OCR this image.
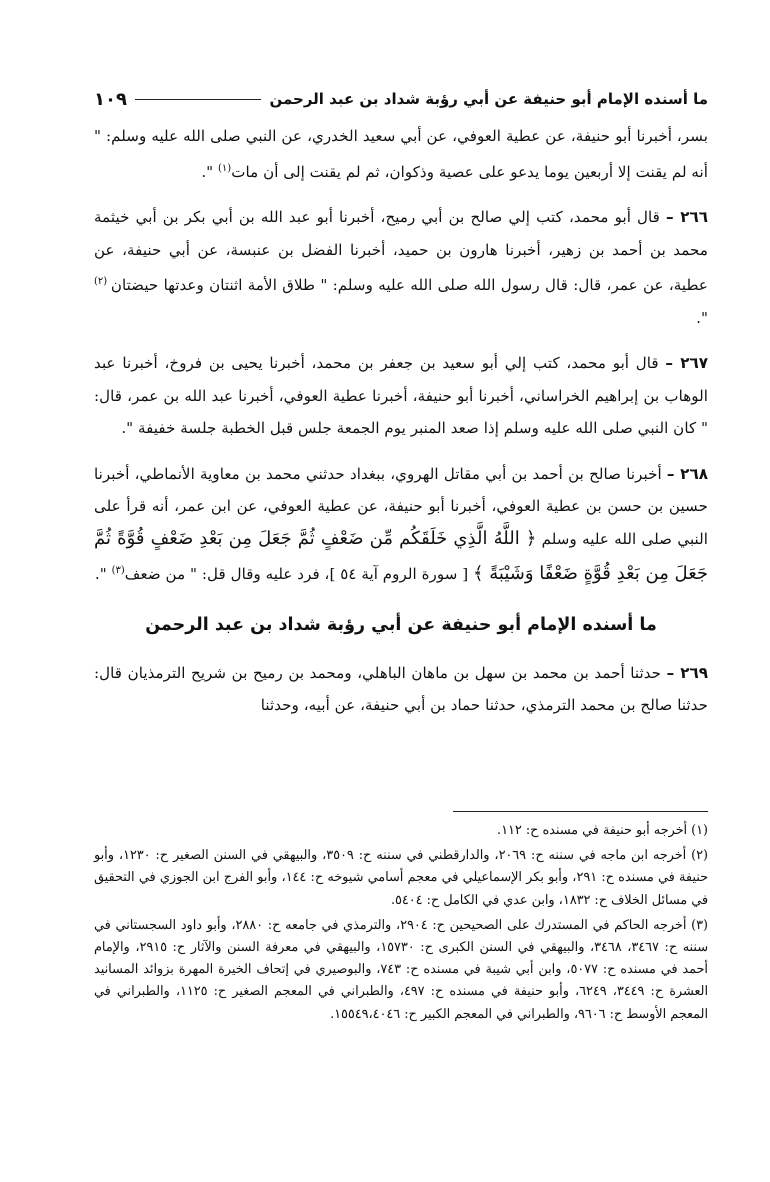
ما أسنده الإمام أبو حنيفة عن أبي رؤبة شداد بن عبد الرحمن
١٠٩

بسر، أخبرنا أبو حنيفة، عن عطية العوفي، عن أبي سعيد الخدري، عن النبي صلى الله عليه وسلم: " أنه لم يقنت إلا أربعين يوما يدعو على عصية وذكوان، ثم لم يقنت إلى أن مات$^{(١)}$ ".

٢٦٦ – قال أبو محمد، كتب إلي صالح بن أبي رميح، أخبرنا أبو عبد الله بن أبي بكر بن أبي خيثمة محمد بن أحمد بن زهير، أخبرنا هارون بن حميد، أخبرنا الفضل بن عنبسة، عن أبي حنيفة، عن عطية، عن عمر، قال: قال رسول الله صلى الله عليه وسلم: " طلاق الأمة اثنتان وعدتها حيضتان $^{(٢)}$ ".

٢٦٧ – قال أبو محمد، كتب إلي أبو سعيد بن جعفر بن محمد، أخبرنا يحيى بن فروخ، أخبرنا عبد الوهاب بن إبراهيم الخراساني، أخبرنا أبو حنيفة، أخبرنا عطية العوفي، أخبرنا عبد الله بن عمر، قال: " كان النبي صلى الله عليه وسلم إذا صعد المنبر يوم الجمعة جلس قبل الخطبة جلسة خفيفة ".

٢٦٨ – أخبرنا صالح بن أحمد بن أبي مقاتل الهروي، ببغداد حدثني محمد بن معاوية الأنماطي، أخبرنا حسين بن حسن بن عطية العوفي، أخبرنا أبو حنيفة، عن عطية العوفي، عن ابن عمر، أنه قرأ على النبي صلى الله عليه وسلم ﴿ اللَّهُ الَّذِي خَلَقَكُم مِّن ضَعْفٍ ثُمَّ جَعَلَ مِن بَعْدِ ضَعْفٍ قُوَّةً ثُمَّ جَعَلَ مِن بَعْدِ قُوَّةٍ ضَعْفًا وَشَيْبَةً ﴾ [ سورة الروم آية ٥٤ ]، فرد عليه وقال قل: " من ضعف$^{(٣)}$ ".

ما أسنده الإمام أبو حنيفة عن أبي رؤبة شداد بن عبد الرحمن

٢٦٩ – حدثنا أحمد بن محمد بن سهل بن ماهان الباهلي، ومحمد بن رميح بن شريح الترمذيان قال: حدثنا صالح بن محمد الترمذي، حدثنا حماد بن أبي حنيفة، عن أبيه، وحدثنا

(١) أخرجه أبو حنيفة في مسنده ح: ١١٢.

(٢) أخرجه ابن ماجه في سننه ح: ٢٠٦٩، والدارقطني في سننه ح: ٣٥٠٩، والبيهقي في السنن الصغير ح: ١٢٣٠، وأبو حنيفة في مسنده ح: ٢٩١، وأبو بكر الإسماعيلي في معجم أسامي شيوخه ح: ١٤٤، وأبو الفرج ابن الجوزي في التحقيق في مسائل الخلاف ح: ١٨٣٢، وابن عدي في الكامل ح: ٥٤٠٤.

(٣) أخرجه الحاكم في المستدرك على الصحيحين ح: ٢٩٠٤، والترمذي في جامعه ح: ٢٨٨٠، وأبو داود السجستاني في سننه ح: ٣٤٦٧، ٣٤٦٨، والبيهقي في السنن الكبرى ح: ١٥٧٣٠، والبيهقي في معرفة السنن والآثار ح: ٢٩١٥، والإمام أحمد في مسنده ح: ٥٠٧٧، وابن أبي شيبة في مسنده ح: ٧٤٣، والبوصيري في إتحاف الخيرة المهرة بزوائد المسانيد العشرة ح: ٣٤٤٩، ٦٢٤٩، وأبو حنيفة في مسنده ح: ٤٩٧، والطبراني في المعجم الصغير ح: ١١٢٥، والطبراني في المعجم الأوسط ح: ٩٦٠٦، والطبراني في المعجم الكبير ح: ١٥٥٤٩،٤٠٤٦.
